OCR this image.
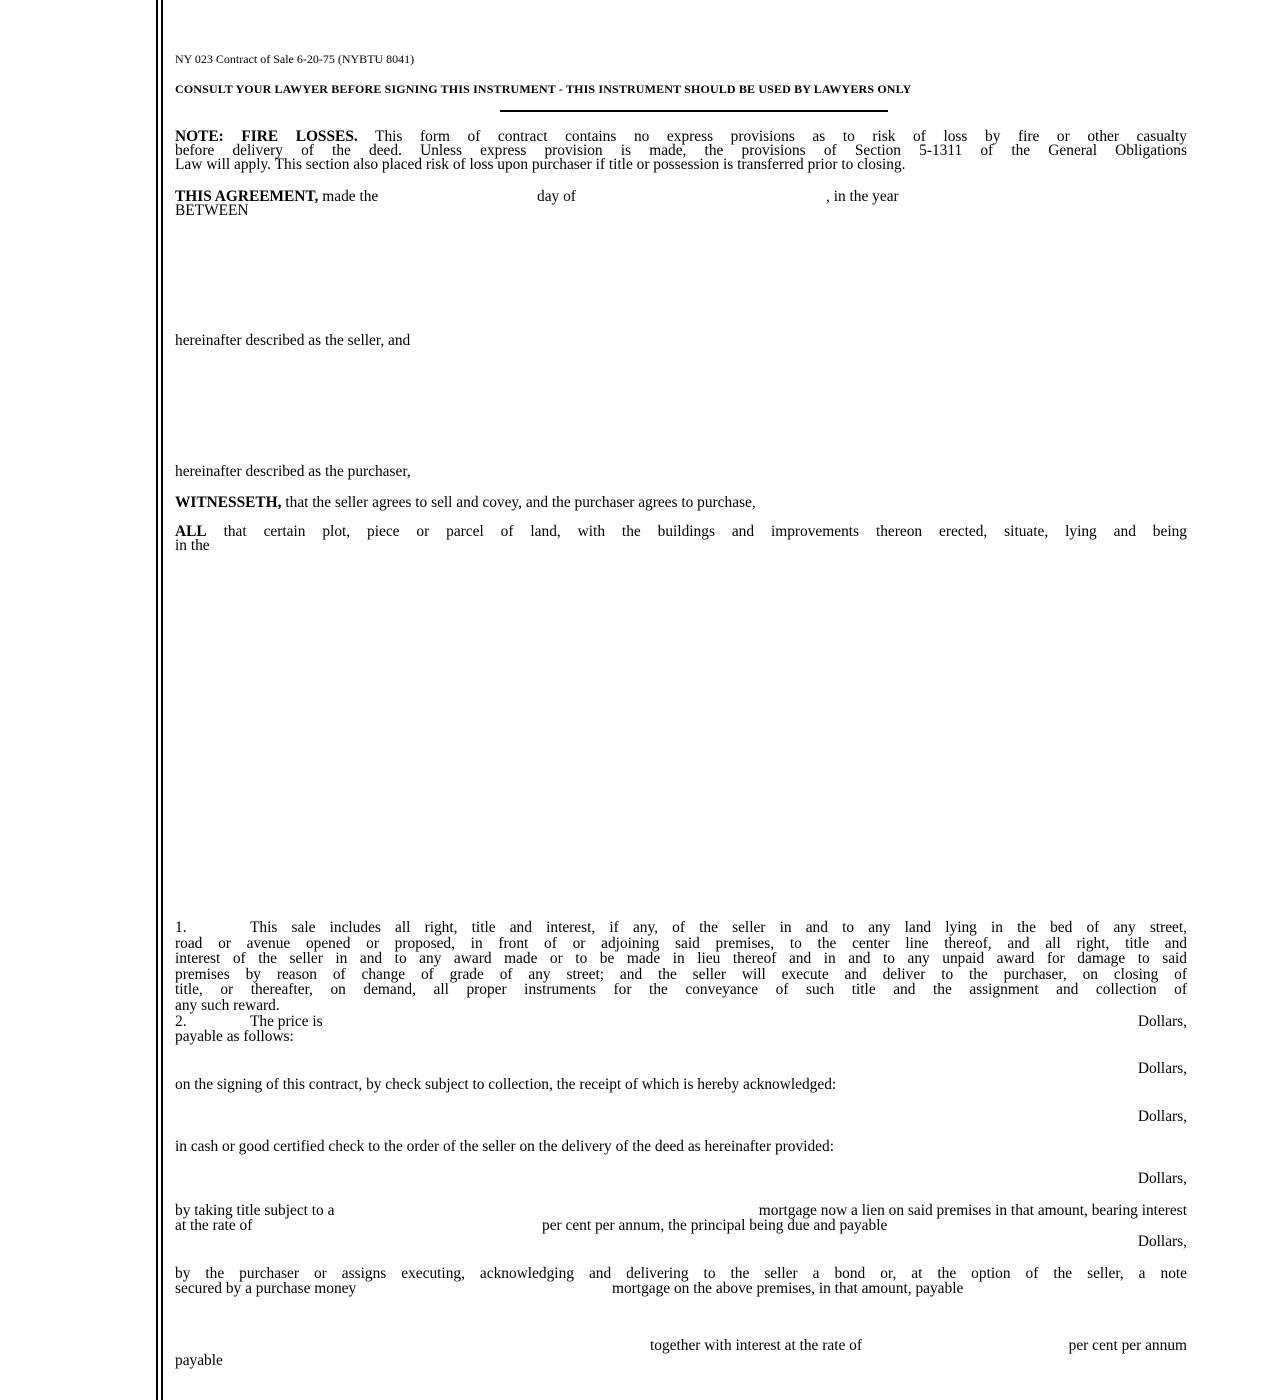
NY 023 Contract of Sale 6-20-75 (NYBTU 8041)
CONSULT YOUR LAWYER BEFORE SIGNING THIS INSTRUMENT - THIS INSTRUMENT SHOULD BE USED BY LAWYERS ONLY
NOTE: FIRE LOSSES. This form of contract contains no express provisions as to risk of loss by fire or other casualty
before delivery of the deed. Unless express provision is made, the provisions of Section 5-1311 of the General Obligations
Law will apply. This section also placed risk of loss upon purchaser if title or possession is transferred prior to closing.
THIS AGREEMENT, made the	day of	, in the year
BETWEEN
hereinafter described as the seller, and
hereinafter described as the purchaser,
WITNESSETH, that the seller agrees to sell and covey, and the purchaser agrees to purchase,
ALL that certain plot, piece or parcel of land, with the buildings and improvements thereon erected, situate, lying and being
in the
1.	This sale includes all right, title and interest, if any, of the seller in and to any land lying in the bed of any street,
road or avenue opened or proposed, in front of or adjoining said premises, to the center line thereof, and all right, title and
interest of the seller in and to any award made or to be made in lieu thereof and in and to any unpaid award for damage to said
premises by reason of change of grade of any street; and the seller will execute and deliver to the purchaser, on closing of
title, or thereafter, on demand, all proper instruments for the conveyance of such title and the assignment and collection of
any such reward.
2.	The price is	Dollars,
payable as follows:
Dollars,
on the signing of this contract, by check subject to collection, the receipt of which is hereby acknowledged:
Dollars,
in cash or good certified check to the order of the seller on the delivery of the deed as hereinafter provided:
Dollars,
by taking title subject to a	mortgage now a lien on said premises in that amount, bearing interest
at the rate of	per cent per annum, the principal being due and payable
Dollars,
by the purchaser or assigns executing, acknowledging and delivering to the seller a bond or, at the option of the seller, a note
secured by a purchase money	mortgage on the above premises, in that amount, payable
together with interest at the rate of	per cent per annum
payable
